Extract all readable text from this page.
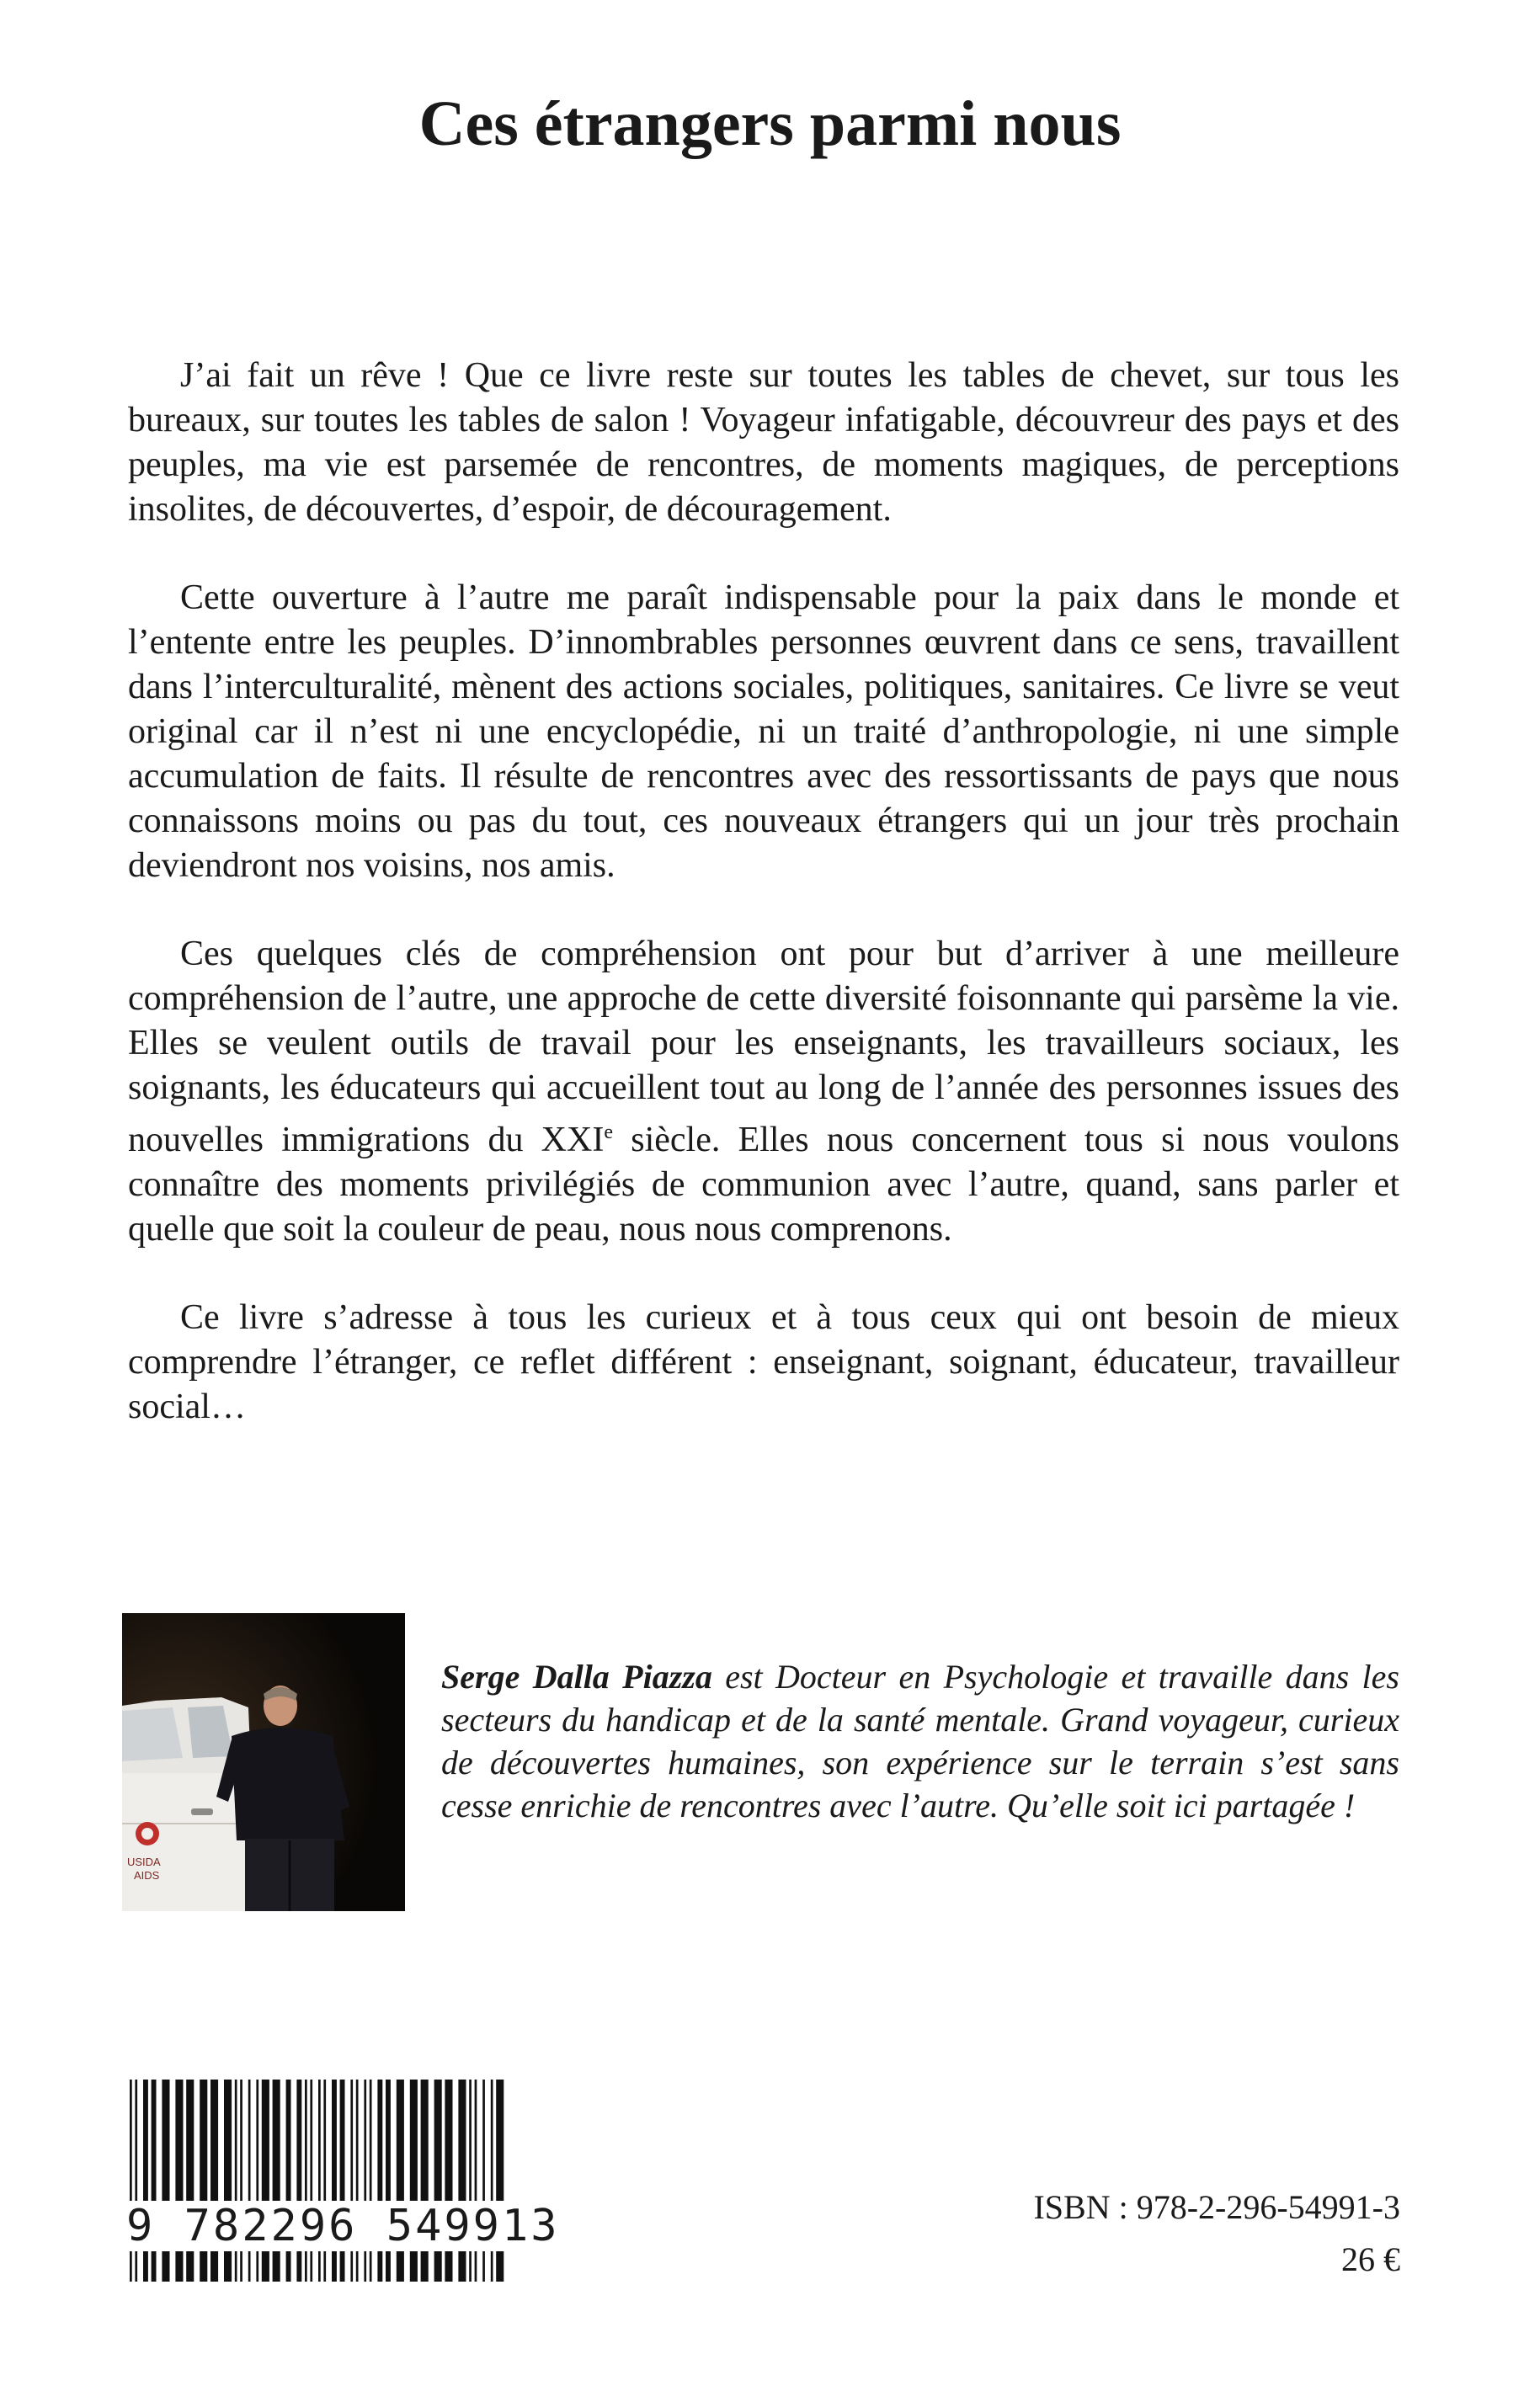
Ces étrangers parmi nous

J’ai fait un rêve ! Que ce livre reste sur toutes les tables de chevet, sur tous les bureaux, sur toutes les tables de salon ! Voyageur infatigable, découvreur des pays et des peuples, ma vie est parsemée de rencontres, de moments magiques, de perceptions insolites, de découvertes, d’espoir, de découragement.

Cette ouverture à l’autre me paraît indispensable pour la paix dans le monde et l’entente entre les peuples. D’innombrables personnes œuvrent dans ce sens, travaillent dans l’interculturalité, mènent des actions sociales, politiques, sanitaires. Ce livre se veut original car il n’est ni une encyclopédie, ni un traité d’anthropologie, ni une simple accumulation de faits. Il résulte de rencontres avec des ressortissants de pays que nous connaissons moins ou pas du tout, ces nouveaux étrangers qui un jour très prochain deviendront nos voisins, nos amis.

Ces quelques clés de compréhension ont pour but d’arriver à une meilleure compréhension de l’autre, une approche de cette diversité foisonnante qui parsème la vie. Elles se veulent outils de travail pour les enseignants, les travailleurs sociaux, les soignants, les éducateurs qui accueillent tout au long de l’année des personnes issues des nouvelles immigrations du XXIe siècle. Elles nous concernent tous si nous voulons connaître des moments privilégiés de communion avec l’autre, quand, sans parler et quelle que soit la couleur de peau, nous nous comprenons.

Ce livre s’adresse à tous les curieux et à tous ceux qui ont besoin de mieux comprendre l’étranger, ce reflet différent : enseignant, soignant, éducateur, travailleur social…

USIDA
AIDS

Serge Dalla Piazza est Docteur en Psychologie et travaille dans les secteurs du handicap et de la santé mentale. Grand voyageur, curieux de découvertes humaines, son expérience sur le terrain s’est sans cesse enrichie de rencontres avec l’autre. Qu’elle soit ici partagée !

9 782296 549913	ISBN : 978-2-296-54991-3

26 €
